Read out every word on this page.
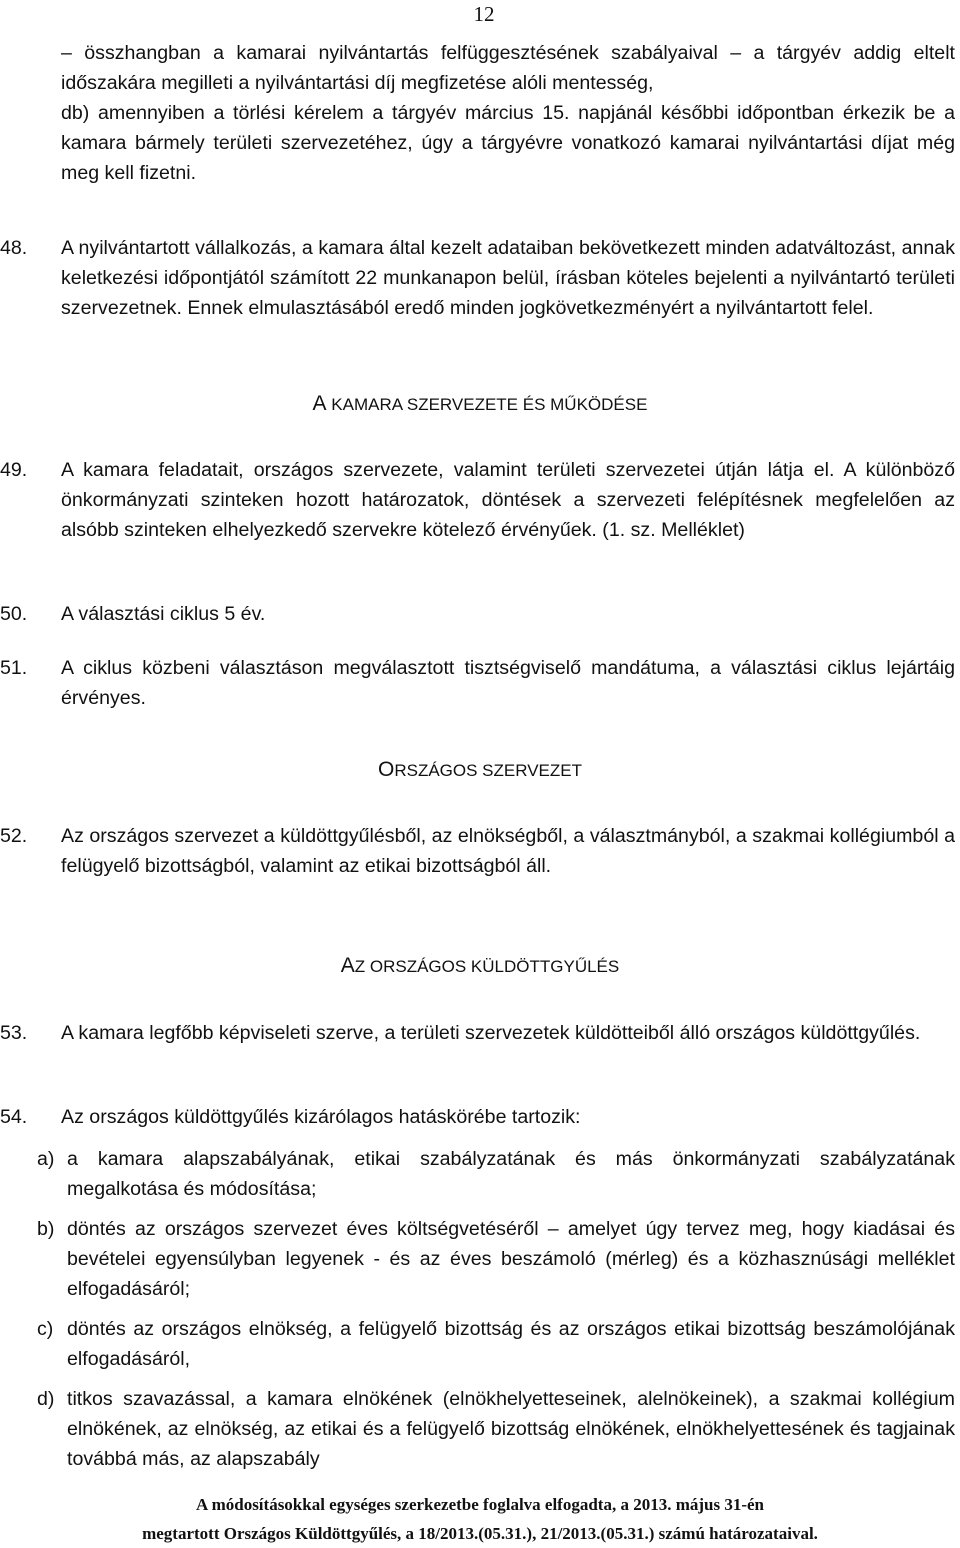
12

– összhangban a kamarai nyilvántartás felfüggesztésének szabályaival – a tárgyév addig eltelt időszakára megilleti a nyilvántartási díj megfizetése alóli mentesség,

db) amennyiben a törlési kérelem a tárgyév március 15. napjánál későbbi időpontban érkezik be a kamara bármely területi szervezetéhez, úgy a tárgyévre vonatkozó kamarai nyilvántartási díjat még meg kell fizetni.

48.	A nyilvántartott vállalkozás, a kamara által kezelt adataiban bekövetkezett minden adatváltozást, annak keletkezési időpontjától számított 22 munkanapon belül, írásban köteles bejelenti a nyilvántartó területi szervezetnek. Ennek elmulasztásából eredő minden jogkövetkezményért a nyilvántartott felel.

A KAMARA SZERVEZETE ÉS MŰKÖDÉSE

49.	A kamara feladatait, országos szervezete, valamint területi szervezetei útján látja el. A különböző önkormányzati szinteken hozott határozatok, döntések a szervezeti felépítésnek megfelelően az alsóbb szinteken elhelyezkedő szervekre kötelező érvényűek. (1. sz. Melléklet)

50.	A választási ciklus 5 év.

51.	A ciklus közbeni választáson megválasztott tisztségviselő mandátuma, a választási ciklus lejártáig érvényes.

ORSZÁGOS SZERVEZET

52.	Az országos szervezet a küldöttgyűlésből, az elnökségből, a választmányból, a szakmai kollégiumból a felügyelő bizottságból, valamint az etikai bizottságból áll.

AZ ORSZÁGOS KÜLDÖTTGYŰLÉS

53.	A kamara legfőbb képviseleti szerve, a területi szervezetek küldötteiből álló országos küldöttgyűlés.

54.	Az országos küldöttgyűlés kizárólagos hatáskörébe tartozik:

a) a kamara alapszabályának, etikai szabályzatának és más önkormányzati szabályzatának megalkotása és módosítása;

b) döntés az országos szervezet éves költségvetéséről – amelyet úgy tervez meg, hogy kiadásai és bevételei egyensúlyban legyenek - és az éves beszámoló (mérleg) és a közhasznúsági melléklet elfogadásáról;

c) döntés az országos elnökség, a felügyelő bizottság és az országos etikai bizottság beszámolójának elfogadásáról,

d) titkos szavazással, a kamara elnökének (elnökhelyetteseinek, alelnökeinek), a szakmai kollégium elnökének, az elnökség, az etikai és a felügyelő bizottság elnökének, elnökhelyettesének és tagjainak továbbá más, az alapszabály

A módosításokkal egységes szerkezetbe foglalva elfogadta, a 2013. május 31-én
megtartott Országos Küldöttgyűlés, a 18/2013.(05.31.), 21/2013.(05.31.) számú határozataival.
